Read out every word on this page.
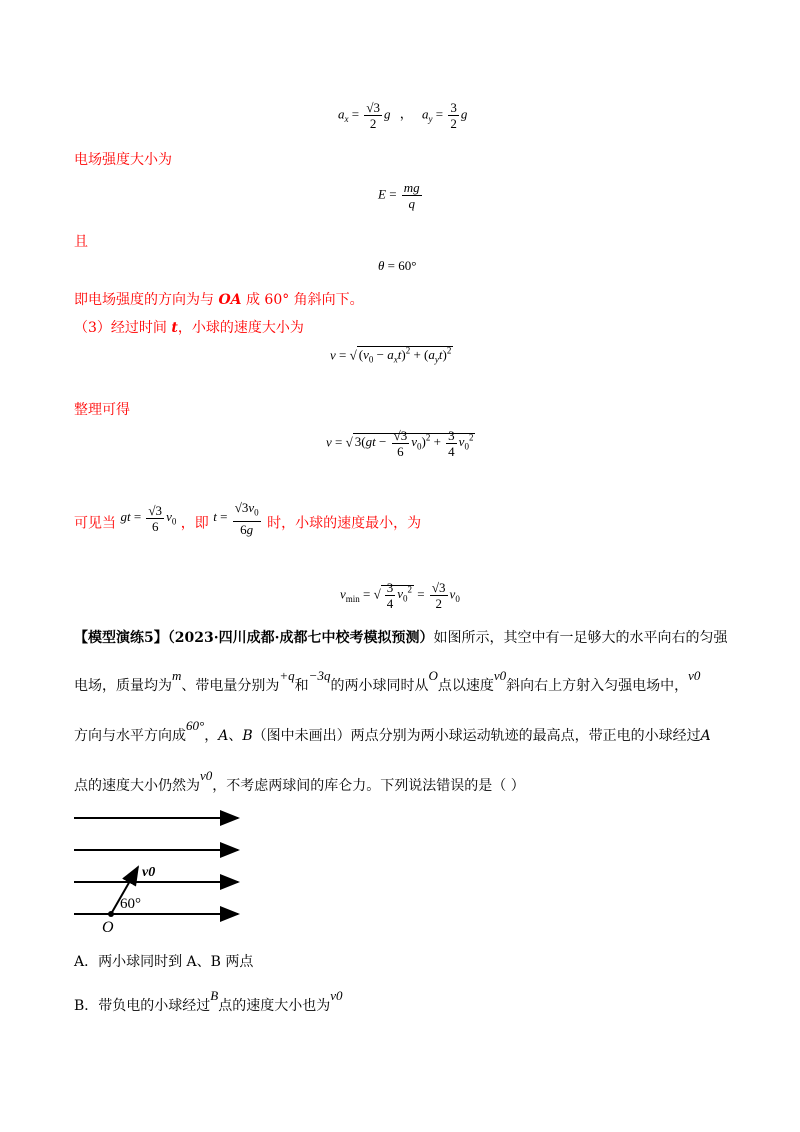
$a_x = \frac{√3}{2}$ g ， $a_y = \frac{3}{2}$ g
电场强度大小为
$E = \frac{mg}{q}$
且
θ = 60°
即电场强度的方向为与 OA 成 60° 角斜向下。
（3）经过时间 t，小球的速度大小为
v = √ $(v_0 - a_xt)^2 + (a_yt)^2$
整理可得
v = √ $3(gt - \frac{√3}{6} v_0)^2 + \frac{3}{4} v_0^2$
可见当 gt = $\frac{√3}{6} v_0$ ，即 $t = \frac{√3v_0}{6g}$ 时，小球的速度最小，为
$v_{min}$ = √ $\frac{3}{4} v_0^2 = \frac{√3}{2} v_0$
【模型演练5】（2023·四川成都·成都七中校考模拟预测）如图所示，其空中有一足够大的水平向右的匀强
电场，质量均为m、带电量分别为+q和−3q的两小球同时从O点以速度v0斜向右上方射入匀强电场中，v0
方向与水平方向成60°，A、B（图中未画出）两点分别为两小球运动轨迹的最高点，带正电的小球经过A
点的速度大小仍然为v0，不考虑两球间的库仑力。下列说法错误的是（ ）
v0
60°
O
A．两小球同时到 A、B 两点
B．带负电的小球经过B点的速度大小也为v0
